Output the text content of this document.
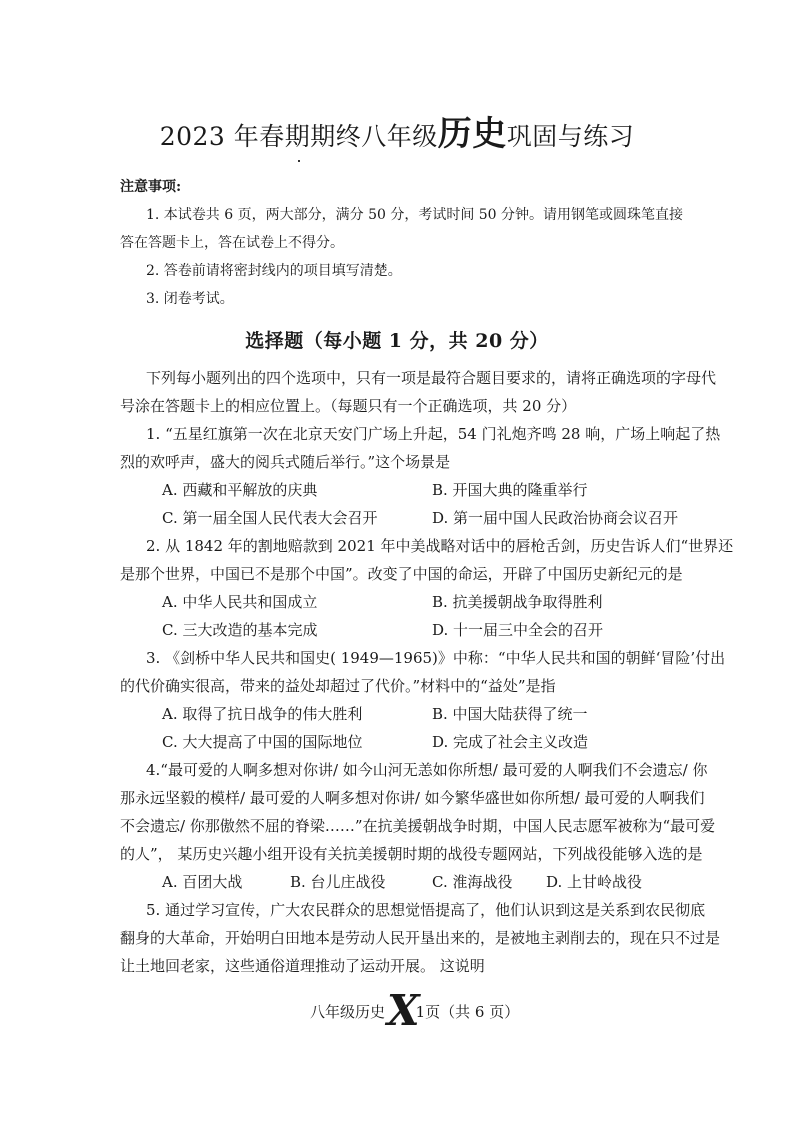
2023 年春期期终八年级历史巩固与练习
注意事项:
1. 本试卷共 6 页，两大部分，满分 50 分，考试时间 50 分钟。请用钢笔或圆珠笔直接
答在答题卡上，答在试卷上不得分。
2. 答卷前请将密封线内的项目填写清楚。
3. 闭卷考试。
选择题（每小题 1 分，共 20 分）
下列每小题列出的四个选项中，只有一项是最符合题目要求的，请将正确选项的字母代
号涂在答题卡上的相应位置上。（每题只有一个正确选项，共 20 分）
1. “五星红旗第一次在北京天安门广场上升起，54 门礼炮齐鸣 28 响，广场上响起了热
烈的欢呼声，盛大的阅兵式随后举行。”这个场景是
A. 西藏和平解放的庆典	B. 开国大典的隆重举行
C. 第一届全国人民代表大会召开	D. 第一届中国人民政治协商会议召开
2. 从 1842 年的割地赔款到 2021 年中美战略对话中的唇枪舌剑，历史告诉人们“世界还
是那个世界，中国已不是那个中国”。改变了中国的命运，开辟了中国历史新纪元的是
A. 中华人民共和国成立	B. 抗美援朝战争取得胜利
C. 三大改造的基本完成	D. 十一届三中全会的召开
3. 《剑桥中华人民共和国史( 1949—1965)》中称：“中华人民共和国的朝鲜‘冒险’付出
的代价确实很高，带来的益处却超过了代价。”材料中的“益处”是指
A. 取得了抗日战争的伟大胜利	B. 中国大陆获得了统一
C. 大大提高了中国的国际地位	D. 完成了社会主义改造
4.“最可爱的人啊多想对你讲/ 如今山河无恙如你所想/ 最可爱的人啊我们不会遗忘/ 你
那永远坚毅的模样/ 最可爱的人啊多想对你讲/ 如今繁华盛世如你所想/ 最可爱的人啊我们
不会遗忘/ 你那傲然不屈的脊梁……”在抗美援朝战争时期，中国人民志愿军被称为“最可爱
的人”， 某历史兴趣小组开设有关抗美援朝时期的战役专题网站，下列战役能够入选的是
A. 百团大战	B. 台儿庄战役	C. 淮海战役 D. 上甘岭战役
5. 通过学习宣传，广大农民群众的思想觉悟提高了，他们认识到这是关系到农民彻底
翻身的大革命，开始明白田地本是劳动人民开垦出来的，是被地主剥削去的，现在只不过是
让土地回老家，这些通俗道理推动了运动开展。 这说明
八年级历史X1页（共 6 页）
